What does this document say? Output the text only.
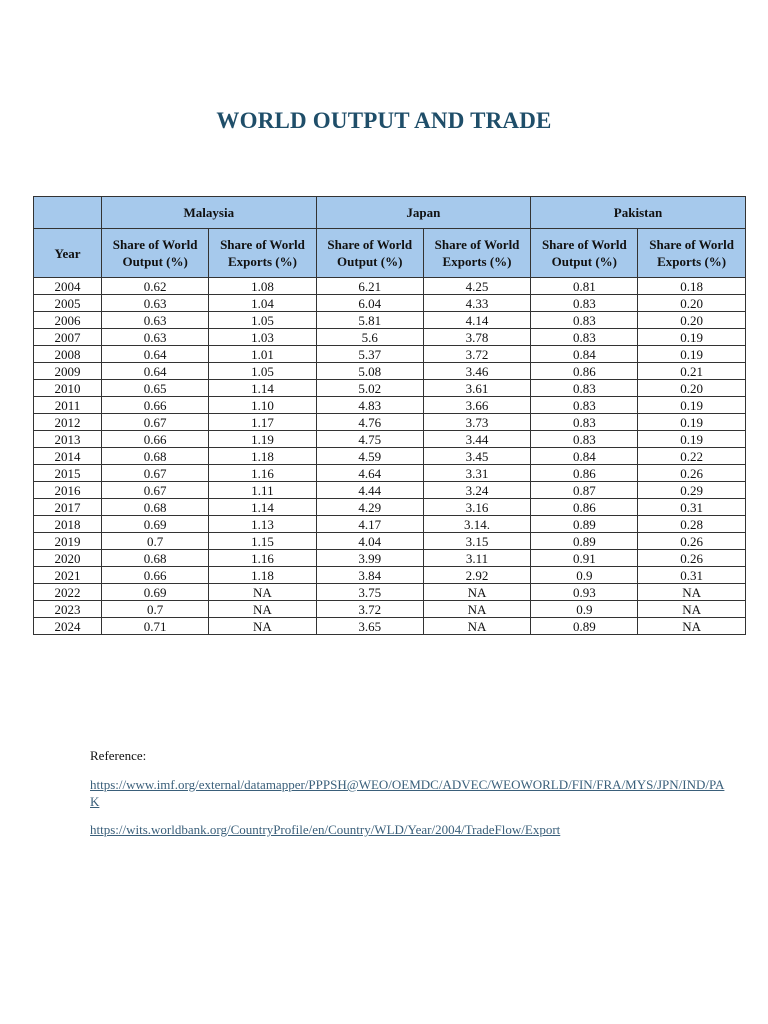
WORLD OUTPUT AND TRADE
	Malaysia		Japan		Pakistan	
Year	Share of World Output (%)	Share of World Exports (%)	Share of World Output (%)	Share of World Exports (%)	Share of World Output (%)	Share of World Exports (%)
2004	0.62	1.08	6.21	4.25	0.81	0.18
2005	0.63	1.04	6.04	4.33	0.83	0.20
2006	0.63	1.05	5.81	4.14	0.83	0.20
2007	0.63	1.03	5.6	3.78	0.83	0.19
2008	0.64	1.01	5.37	3.72	0.84	0.19
2009	0.64	1.05	5.08	3.46	0.86	0.21
2010	0.65	1.14	5.02	3.61	0.83	0.20
2011	0.66	1.10	4.83	3.66	0.83	0.19
2012	0.67	1.17	4.76	3.73	0.83	0.19
2013	0.66	1.19	4.75	3.44	0.83	0.19
2014	0.68	1.18	4.59	3.45	0.84	0.22
2015	0.67	1.16	4.64	3.31	0.86	0.26
2016	0.67	1.11	4.44	3.24	0.87	0.29
2017	0.68	1.14	4.29	3.16	0.86	0.31
2018	0.69	1.13	4.17	3.14.	0.89	0.28
2019	0.7	1.15	4.04	3.15	0.89	0.26
2020	0.68	1.16	3.99	3.11	0.91	0.26
2021	0.66	1.18	3.84	2.92	0.9	0.31
2022	0.69	NA	3.75	NA	0.93	NA
2023	0.7	NA	3.72	NA	0.9	NA
2024	0.71	NA	3.65	NA	0.89	NA
Reference:
https://www.imf.org/external/datamapper/PPPSH@WEO/OEMDC/ADVEC/WEOWORLD/FIN/FRA/MYS/JPN/IND/PAK
https://wits.worldbank.org/CountryProfile/en/Country/WLD/Year/2004/TradeFlow/Export
